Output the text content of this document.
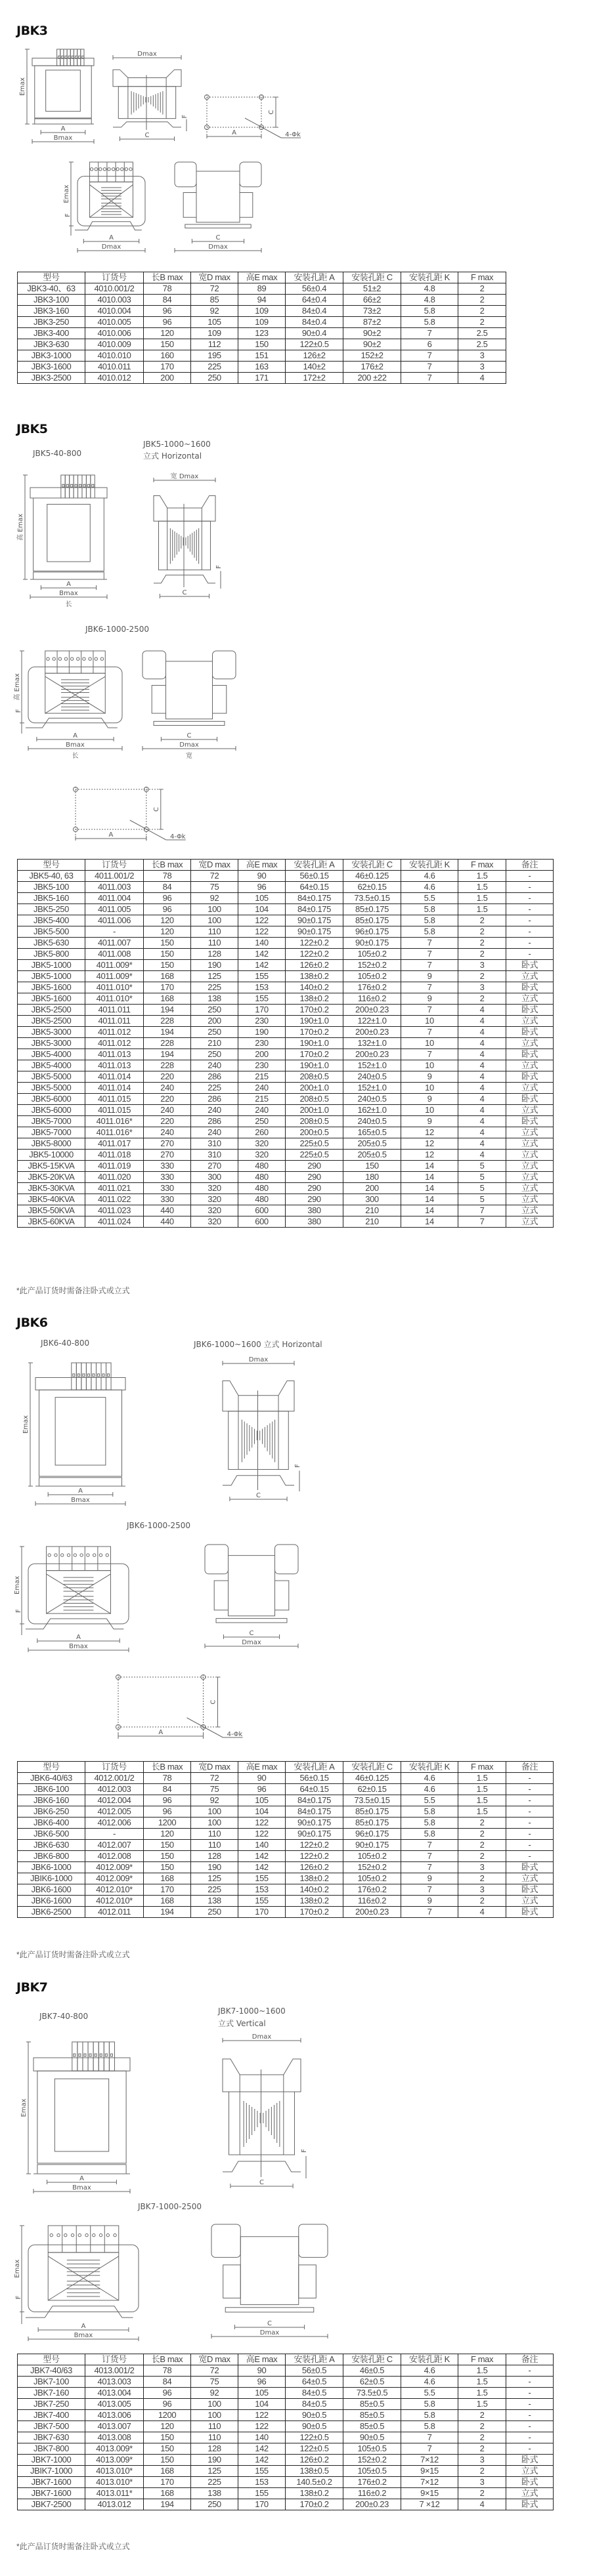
JBK3
JBK5
JBK6
JBK7
JBK5-40-800
JBK5-1000~1600
立式 Horizontal
JBK6-1000-2500
JBK6-40-800	JBK6-1000~1600 立式 Horizontal
JBK6-1000-2500
JBK7-40-800
JBK7-1000~1600
立式 Vertical
JBK7-1000-2500
Emax
A
Bmax
Dmax
F
C
C
A	4-Φk
Emax
F
A
Dmax
C
Dmax
高 Emax
A
Bmax
长
宽 Dmax
F
C
高 Emax
F
A
Bmax
长
C
Dmax
宽
C
A	4-Φk
Emax
A
Bmax
Dmax
F
C
Emax
F
A
Bmax
C
Dmax
C
A	4-Φk
Emax
A
Bmax
Dmax
F
C
Emax
F
A
Bmax
C
Dmax
型号	订货号	长B max	宽D max	高E max	安装孔距 A	安装孔距 C	安装孔距 K	F max
JBK3-40、63	4010.001/2	78	72	89	56±0.4	51±2	4.8	2
JBK3-100	4010.003	84	85	94	64±0.4	66±2	4.8	2
JBK3-160	4010.004	96	92	109	84±0.4	73±2	5.8	2
JBK3-250	4010.005	96	105	109	84±0.4	87±2	5.8	2
JBK3-400	4010.006	120	109	123	90±0.4	90±2	7	2.5
JBK3-630	4010.009	150	112	150	122±0.5	90±2	6	2.5
JBK3-1000	4010.010	160	195	151	126±2	152±2	7	3
JBK3-1600	4010.011	170	225	163	140±2	176±2	7	3
JBK3-2500	4010.012	200	250	171	172±2	200 ±22	7	4
型号	订货号	长B max	宽D max	高E max	安装孔距 A	安装孔距 C	安装孔距 K	F max	备注
JBK5-40, 63	4011.001/2	78	72	90	56±0.15	46±0.125	4.6	1.5	-
JBK5-100	4011.003	84	75	96	64±0.15	62±0.15	4.6	1.5	-
JBK5-160	4011.004	96	92	105	84±0.175	73.5±0.15	5.5	1.5	-
JBK5-250	4011.005	96	100	104	84±0.175	85±0.175	5.8	1.5	-
JBK5-400	4011.006	120	100	122	90±0.175	85±0.175	5.8	2	-
JBK5-500	-	120	110	122	90±0.175	96±0.175	5.8	2	-
JBK5-630	4011.007	150	110	140	122±0.2	90±0.175	7	2	-
JBK5-800	4011.008	150	128	142	122±0.2	105±0.2	7	2	-
JBK5-1000	4011.009*	150	190	142	126±0.2	152±0.2	7	3	卧式
JBK5-1000	4011.009*	168	125	155	138±0.2	105±0.2	9	2	立式
JBK5-1600	4011.010*	170	225	153	140±0.2	176±0.2	7	3	卧式
JBK5-1600	4011.010*	168	138	155	138±0.2	116±0.2	9	2	立式
JBK5-2500	4011.011	194	250	170	170±0.2	200±0.23	7	4	卧式
JBK5-2500	4011.011	228	200	230	190±1.0	122±1.0	10	4	立式
JBK5-3000	4011.012	194	250	190	170±0.2	200±0.23	7	4	卧式
JBK5-3000	4011.012	228	210	230	190±1.0	132±1.0	10	4	立式
JBK5-4000	4011.013	194	250	200	170±0.2	200±0.23	7	4	卧式
JBK5-4000	4011.013	228	240	230	190±1.0	152±1.0	10	4	立式
JBK5-5000	4011.014	220	286	215	208±0.5	240±0.5	9	4	卧式
JBK5-5000	4011.014	240	225	240	200±1.0	152±1.0	10	4	立式
JBK5-6000	4011.015	220	286	215	208±0.5	240±0.5	9	4	卧式
JBK5-6000	4011.015	240	240	240	200±1.0	162±1.0	10	4	立式
JBK5-7000	4011.016*	220	286	250	208±0.5	240±0.5	9	4	卧式
JBK5-7000	4011.016*	240	240	260	200±0.5	165±0.5	12	4	立式
JBK5-8000	4011.017	270	310	320	225±0.5	205±0.5	12	4	立式
JBK5-10000	4011.018	270	310	320	225±0.5	205±0.5	12	4	立式
JBK5-15KVA	4011.019	330	270	480	290	150	14	5	立式
JBK5-20KVA	4011.020	330	300	480	290	180	14	5	立式
JBK5-30KVA	4011.021	330	320	480	290	200	14	5	立式
JBK5-40KVA	4011.022	330	320	480	290	300	14	5	立式
JBK5-50KVA	4011.023	440	320	600	380	210	14	7	立式
JBK5-60KVA	4011.024	440	320	600	380	210	14	7	立式
型号	订货号	长B max	宽D max	高E max	安装孔距 A	安装孔距 C	安装孔距 K	F max	备注
JBK6-40/63	4012.001/2	78	72	90	56±0.15	46±0.125	4.6	1.5	-
JBK6-100	4012.003	84	75	96	64±0.15	62±0.15	4.6	1.5	-
JBK6-160	4012.004	96	92	105	84±0.175	73.5±0.15	5.5	1.5	-
JBK6-250	4012.005	96	100	104	84±0.175	85±0.175	5.8	1.5	-
JBK6-400	4012.006	1200	100	122	90±0.175	85±0.175	5.8	2	-
JBK6-500	-	120	110	122	90±0.175	96±0.175	5.8	2	-
JBK6-630	4012.007	150	110	140	122±0.2	90±0.175	7	2	-
JBK6-800	4012.008	150	128	142	122±0.2	105±0.2	7	2	-
JBK6-1000	4012.009*	150	190	142	126±0.2	152±0.2	7	3	卧式
JBIK6-1000	4012.009*	168	125	155	138±0.2	105±0.2	9	2	立式
JBK6-1600	4012.010*	170	225	153	140±0.2	176±0.2	7	3	卧式
JBK6-1600	4012.010*	168	138	155	138±0.2	116±0.2	9	2	立式
JBK6-2500	4012.011	194	250	170	170±0.2	200±0.23	7	4	卧式
型号	订货号	长B max	宽D max	高E max	安装孔距 A	安装孔距 C	安装孔距 K	F max	备注
JBK7-40/63	4013.001/2	78	72	90	56±0.5	46±0.5	4.6	1.5	-
JBK7-100	4013.003	84	75	96	64±0.5	62±0.5	4.6	1.5	-
JBK7-160	4013.004	96	92	105	84±0.5	73.5±0.5	5.5	1.5	-
JBK7-250	4013.005	96	100	104	84±0.5	85±0.5	5.8	1.5	-
JBK7-400	4013.006	1200	100	122	90±0.5	85±0.5	5.8	2	-
JBK7-500	4013.007	120	110	122	90±0.5	85±0.5	5.8	2	-
JBK7-630	4013.008	150	110	140	122±0.5	90±0.5	7	2	-
JBK7-800	4013.009*	150	128	142	122±0.5	105±0.5	7	2	-
JBK7-1000	4013.009*	150	190	142	126±0.2	152±0.2	7×12	3	卧式
JBIK7-1000	4013.010*	168	125	155	138±0.5	105±0.5	9×15	2	立式
JBK7-1600	4013.010*	170	225	153	140.5±0.2	176±0.2	7×12	3	卧式
JBK7-1600	4013.011*	168	138	155	138±0.2	116±0.2	9×15	2	立式
JBK7-2500	4013.012	194	250	170	170±0.2	200±0.23	7 ×12	4	卧式
*此产品订货时需备注卧式或立式
*此产品订货时需备注卧式或立式
*此产品订货时需备注卧式或立式
